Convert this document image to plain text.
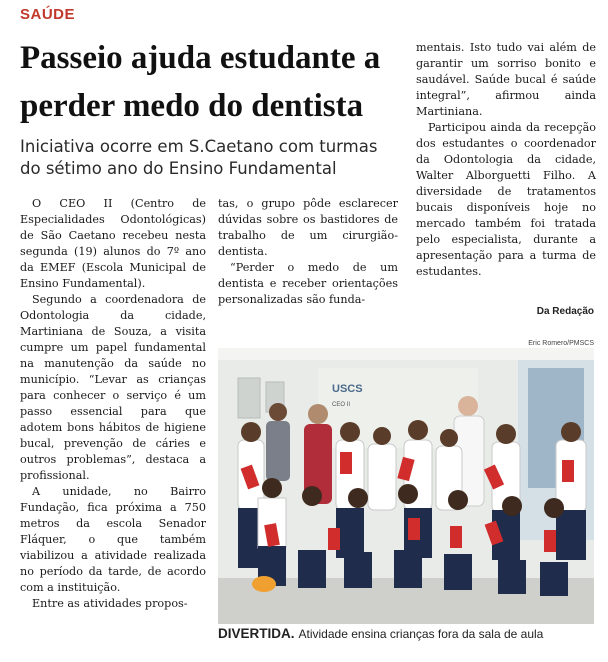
SAÚDE
Passeio ajuda estudante a perder medo do dentista

Iniciativa ocorre em S.Caetano com turmas do sétimo ano do Ensino Fundamental

O CEO II (Centro de Especialidades Odontológicas) de São Caetano recebeu nesta segunda (19) alunos do 7º ano da EMEF (Escola Municipal de Ensino Fundamental).

Segundo a coordenadora de Odontologia da cidade, Martiniana de Souza, a visita cumpre um papel fundamental na manutenção da saúde no município. “Levar as crianças para conhecer o serviço é um passo essencial para que adotem bons hábitos de higiene bucal, prevenção de cáries e outros problemas”, destaca a profissional.

A unidade, no Bairro Fundação, fica próxima a 750 metros da escola Senador Fláquer, o que também viabilizou a atividade realizada no período da tarde, de acordo com a instituição.

Entre as atividades propos-

tas, o grupo pôde esclarecer dúvidas sobre os bastidores de trabalho de um cirurgião-dentista.

“Perder o medo de um dentista e receber orientações personalizadas são funda-

mentais. Isto tudo vai além de garantir um sorriso bonito e saudável. Saúde bucal é saúde integral”, afirmou ainda Martiniana.

Participou ainda da recepção dos estudantes o coordenador da Odontologia da cidade, Walter Alborguetti Filho. A diversidade de tratamentos bucais disponíveis hoje no mercado também foi tratada pelo especialista, durante a apresentação para a turma de estudantes.

Da Redação
Eric Romero/PMSCS
USCS
CEO II
DIVERTIDA. Atividade ensina crianças fora da sala de aula
